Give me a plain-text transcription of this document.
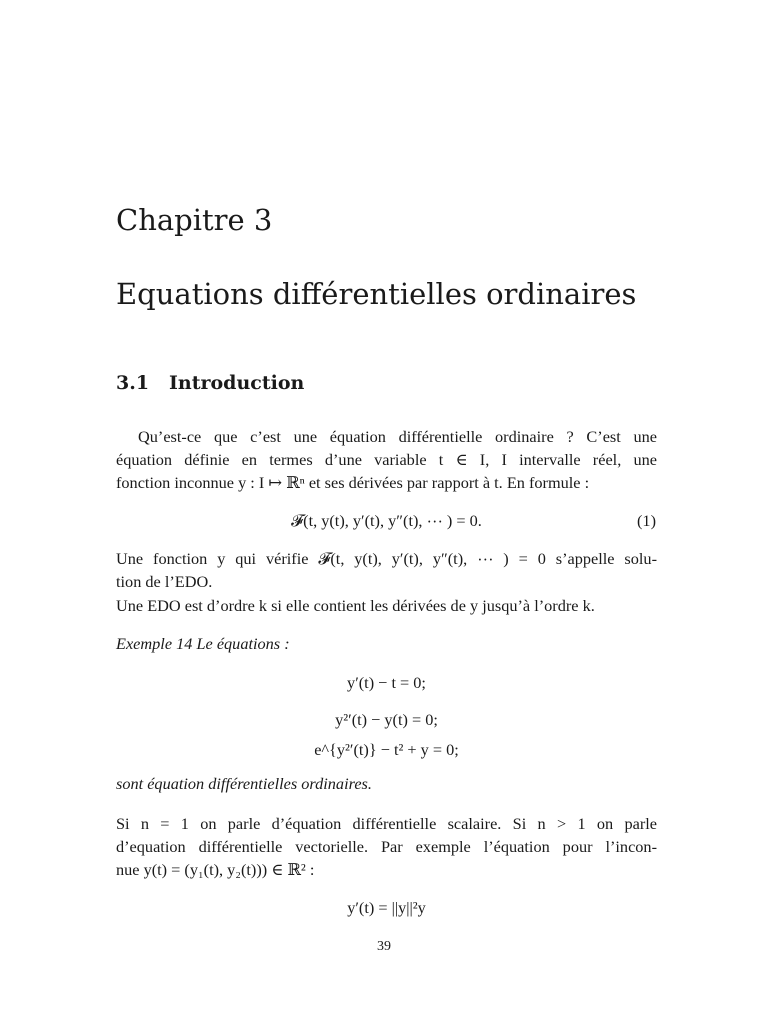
Chapitre 3
Equations différentielles ordinaires
3.1 Introduction
Qu’est-ce que c’est une équation différentielle ordinaire ? C’est une
équation définie en termes d’une variable t ∈ I, I intervalle réel, une
fonction inconnue y : I ↦ ℝⁿ et ses dérivées par rapport à t. En formule :
𝓕(t, y(t), y′(t), y″(t), ⋯ ) = 0.	(1)
Une fonction y qui vérifie 𝓕(t, y(t), y′(t), y″(t), ⋯ ) = 0 s’appelle solu-
tion de l’EDO.
Une EDO est d’ordre k si elle contient les dérivées de y jusqu’à l’ordre k.
Exemple 14 Le équations :
y′(t) − t = 0;
y²′(t) − y(t) = 0;
e^{y²′(t)} − t² + y = 0;
sont équation différentielles ordinaires.
Si n = 1 on parle d’équation différentielle scalaire. Si n > 1 on parle
d’equation différentielle vectorielle. Par exemple l’équation pour l’incon-
nue y(t) = (y₁(t), y₂(t))) ∈ ℝ² :
y′(t) = ||y||²y
39
